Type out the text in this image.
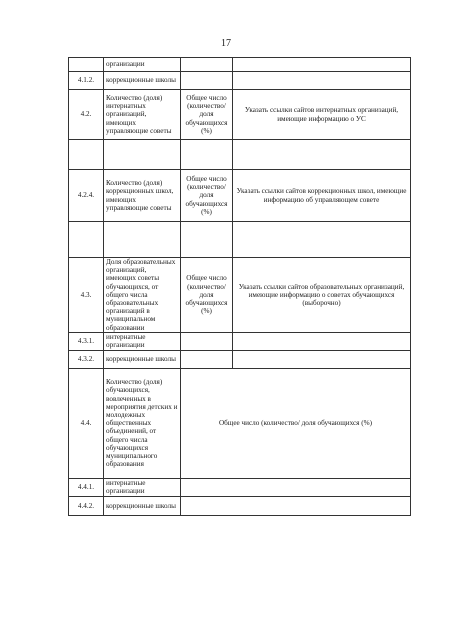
17
	организации		
4.1.2.	коррекционные школы		
4.2.	Количество (доля) интернатных организаций, имеющих управляющие советы	Общее число (количество/ доля обучающихся (%)	Указать ссылки сайтов интернатных организаций, имеющие информацию о УС

4.2.4.	Количество (доля) коррекционных школ, имеющих управляющие советы	Общее число (количество/ доля обучающихся (%)	Указать ссылки сайтов коррекционных школ, имеющие информацию об управляющем совете

4.3.	Доля образовательных организаций, имеющих советы обучающихся, от общего числа образовательных организаций в муниципальном образовании	Общее число (количество/ доля обучающихся (%)	Указать ссылки сайтов образовательных организаций, имеющие информацию о советах обучающихся (выборочно)
4.3.1.	интернатные организации		
4.3.2.	коррекционные школы		
4.4.	Количество (доля) обучающихся, вовлеченных в мероприятия детских и молодежных общественных объединений, от общего числа обучающихся муниципального образования	Общее число (количество/ доля обучающихся (%)	
4.4.1.	интернатные организации		
4.4.2.	коррекционные школы		
